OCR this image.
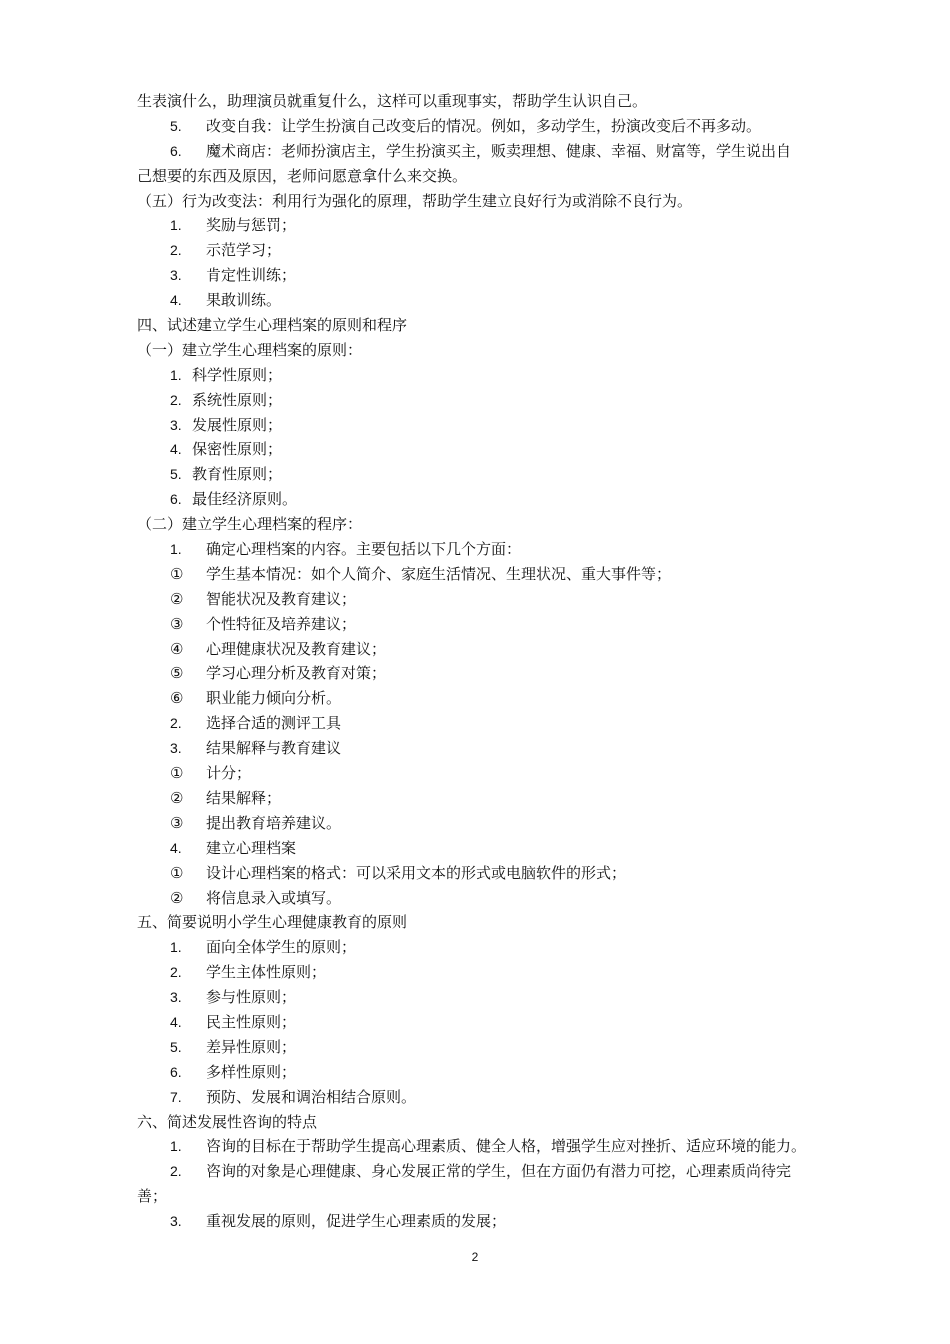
生表演什么，助理演员就重复什么，这样可以重现事实，帮助学生认识自己。
5. 改变自我：让学生扮演自己改变后的情况。例如，多动学生，扮演改变后不再多动。
6. 魔术商店：老师扮演店主，学生扮演买主，贩卖理想、健康、幸福、财富等，学生说出自
己想要的东西及原因，老师问愿意拿什么来交换。
（五）行为改变法：利用行为强化的原理，帮助学生建立良好行为或消除不良行为。
1. 奖励与惩罚；
2. 示范学习；
3. 肯定性训练；
4. 果敢训练。
四、试述建立学生心理档案的原则和程序
（一）建立学生心理档案的原则：
1. 科学性原则；
2. 系统性原则；
3. 发展性原则；
4. 保密性原则；
5. 教育性原则；
6. 最佳经济原则。
（二）建立学生心理档案的程序：
1. 确定心理档案的内容。主要包括以下几个方面：
① 学生基本情况：如个人简介、家庭生活情况、生理状况、重大事件等；
② 智能状况及教育建议；
③ 个性特征及培养建议；
④ 心理健康状况及教育建议；
⑤ 学习心理分析及教育对策；
⑥ 职业能力倾向分析。
2. 选择合适的测评工具
3. 结果解释与教育建议
① 计分；
② 结果解释；
③ 提出教育培养建议。
4. 建立心理档案
① 设计心理档案的格式：可以采用文本的形式或电脑软件的形式；
② 将信息录入或填写。
五、简要说明小学生心理健康教育的原则
1. 面向全体学生的原则；
2. 学生主体性原则；
3. 参与性原则；
4. 民主性原则；
5. 差异性原则；
6. 多样性原则；
7. 预防、发展和调治相结合原则。
六、简述发展性咨询的特点
1. 咨询的目标在于帮助学生提高心理素质、健全人格，增强学生应对挫折、适应环境的能力。
2. 咨询的对象是心理健康、身心发展正常的学生，但在方面仍有潜力可挖，心理素质尚待完
善；
3. 重视发展的原则，促进学生心理素质的发展；
2
